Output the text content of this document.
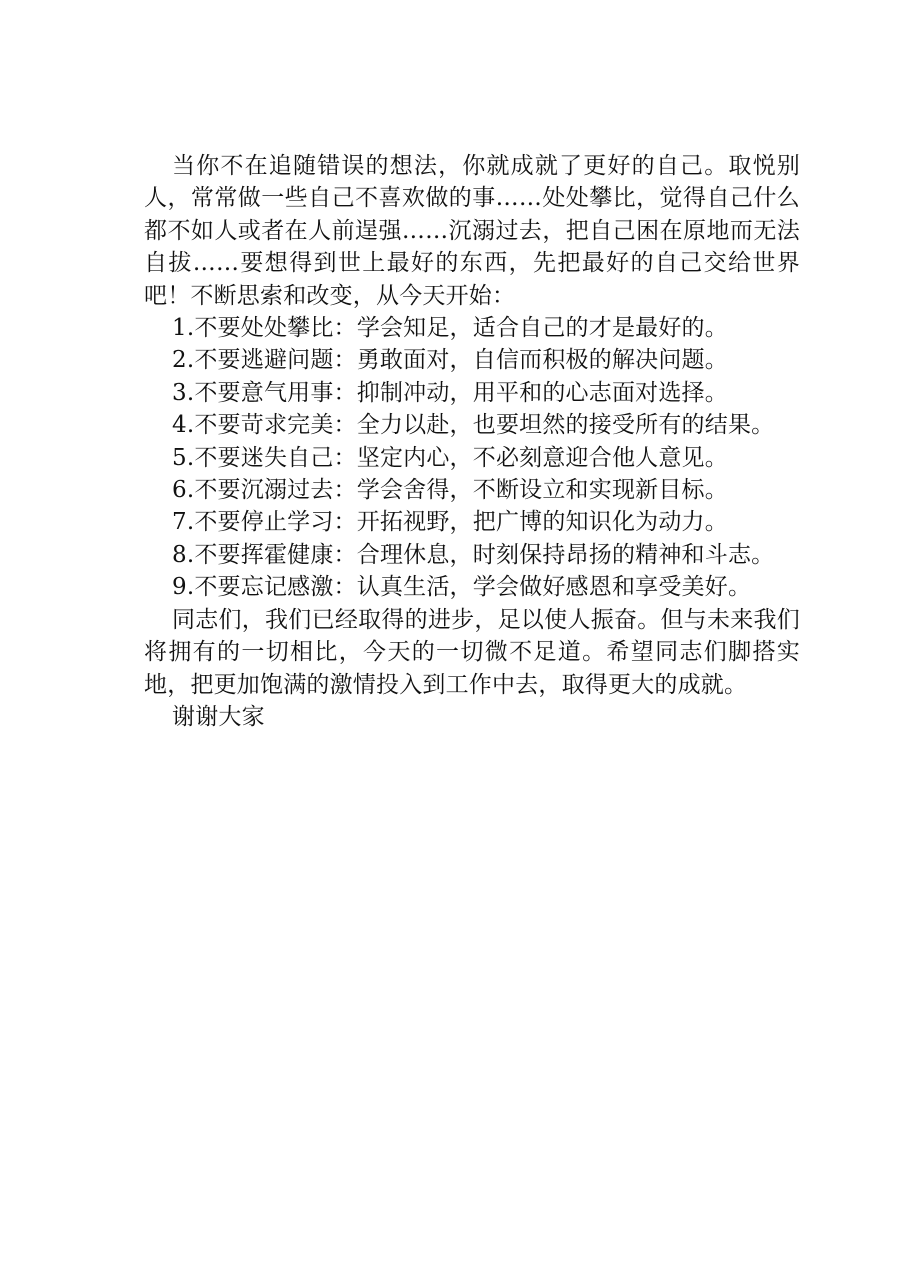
当你不在追随错误的想法，你就成就了更好的自己。取悦别人，常常做一些自己不喜欢做的事……处处攀比，觉得自己什么都不如人或者在人前逞强……沉溺过去，把自己困在原地而无法自拔……要想得到世上最好的东西，先把最好的自己交给世界吧！不断思索和改变，从今天开始：

1.不要处处攀比：学会知足，适合自己的才是最好的。
2.不要逃避问题：勇敢面对，自信而积极的解决问题。
3.不要意气用事：抑制冲动，用平和的心志面对选择。
4.不要苛求完美：全力以赴，也要坦然的接受所有的结果。
5.不要迷失自己：坚定内心，不必刻意迎合他人意见。
6.不要沉溺过去：学会舍得，不断设立和实现新目标。
7.不要停止学习：开拓视野，把广博的知识化为动力。
8.不要挥霍健康：合理休息，时刻保持昂扬的精神和斗志。
9.不要忘记感激：认真生活，学会做好感恩和享受美好。

同志们，我们已经取得的进步，足以使人振奋。但与未来我们将拥有的一切相比，今天的一切微不足道。希望同志们脚搭实地，把更加饱满的激情投入到工作中去，取得更大的成就。

谢谢大家
